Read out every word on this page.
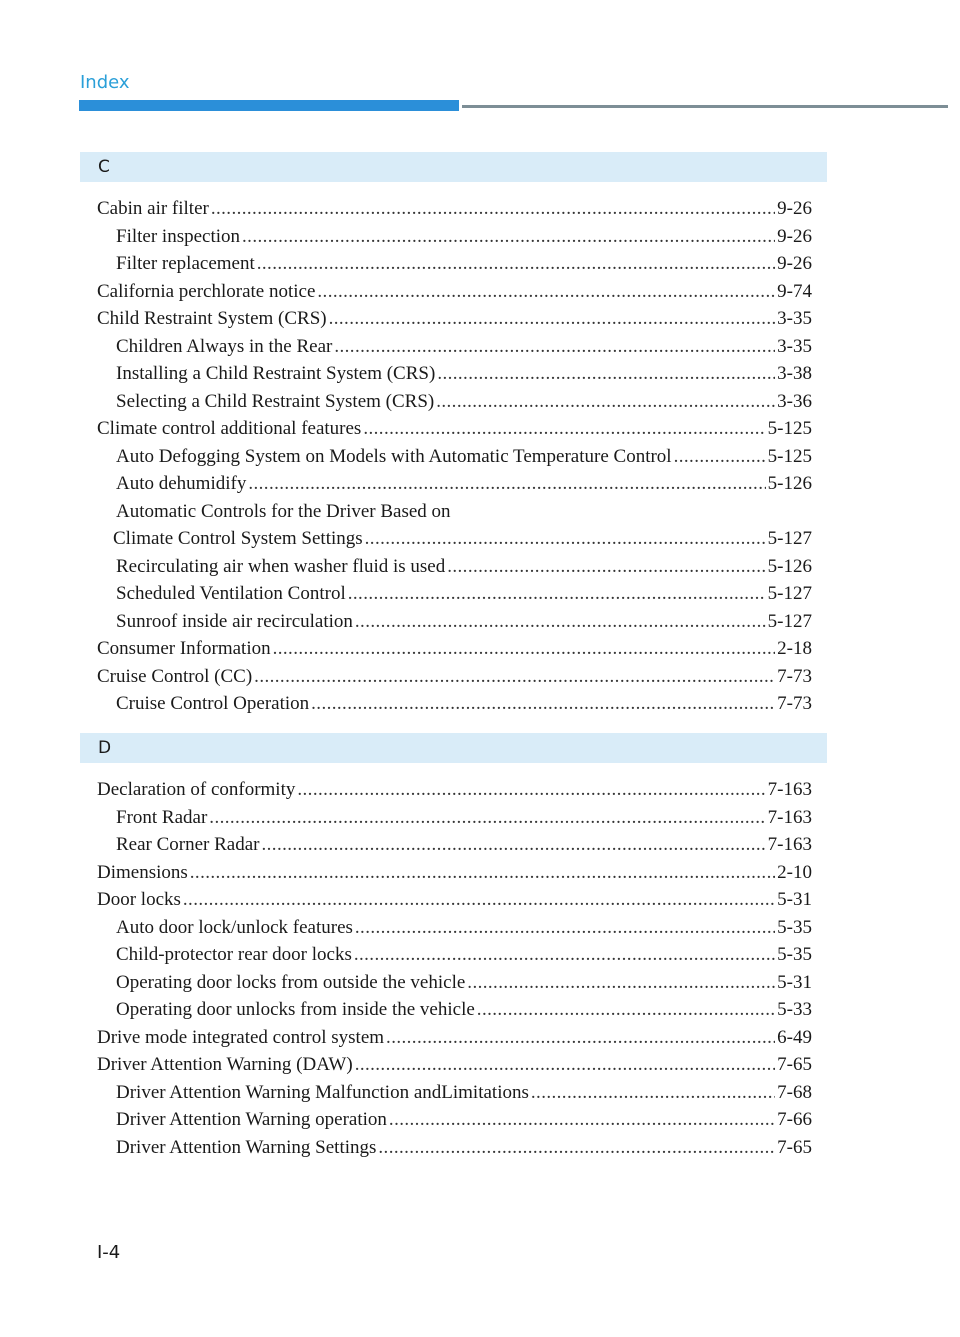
Index
C
Cabin air filter .....	9-26
Filter inspection .....	9-26
Filter replacement .....	9-26
California perchlorate notice .....	9-74
Child Restraint System (CRS) .....	3-35
Children Always in the Rear .....	3-35
Installing a Child Restraint System (CRS) .....	3-38
Selecting a Child Restraint System (CRS) .....	3-36
Climate control additional features .....	5-125
Auto Defogging System on Models with Automatic Temperature Control .....	5-125
Auto dehumidify .....	5-126
Automatic Controls for the Driver Based on
Climate Control System Settings .....	5-127
Recirculating air when washer fluid is used .....	5-126
Scheduled Ventilation Control .....	5-127
Sunroof inside air recirculation .....	5-127
Consumer Information .....	2-18
Cruise Control (CC) .....	7-73
Cruise Control Operation .....	7-73
D
Declaration of conformity .....	7-163
Front Radar .....	7-163
Rear Corner Radar .....	7-163
Dimensions .....	2-10
Door locks .....	5-31
Auto door lock/unlock features .....	5-35
Child-protector rear door locks .....	5-35
Operating door locks from outside the vehicle .....	5-31
Operating door unlocks from inside the vehicle .....	5-33
Drive mode integrated control system .....	6-49
Driver Attention Warning (DAW) .....	7-65
Driver Attention Warning Malfunction andLimitations .....	7-68
Driver Attention Warning operation .....	7-66
Driver Attention Warning Settings .....	7-65
I-4
